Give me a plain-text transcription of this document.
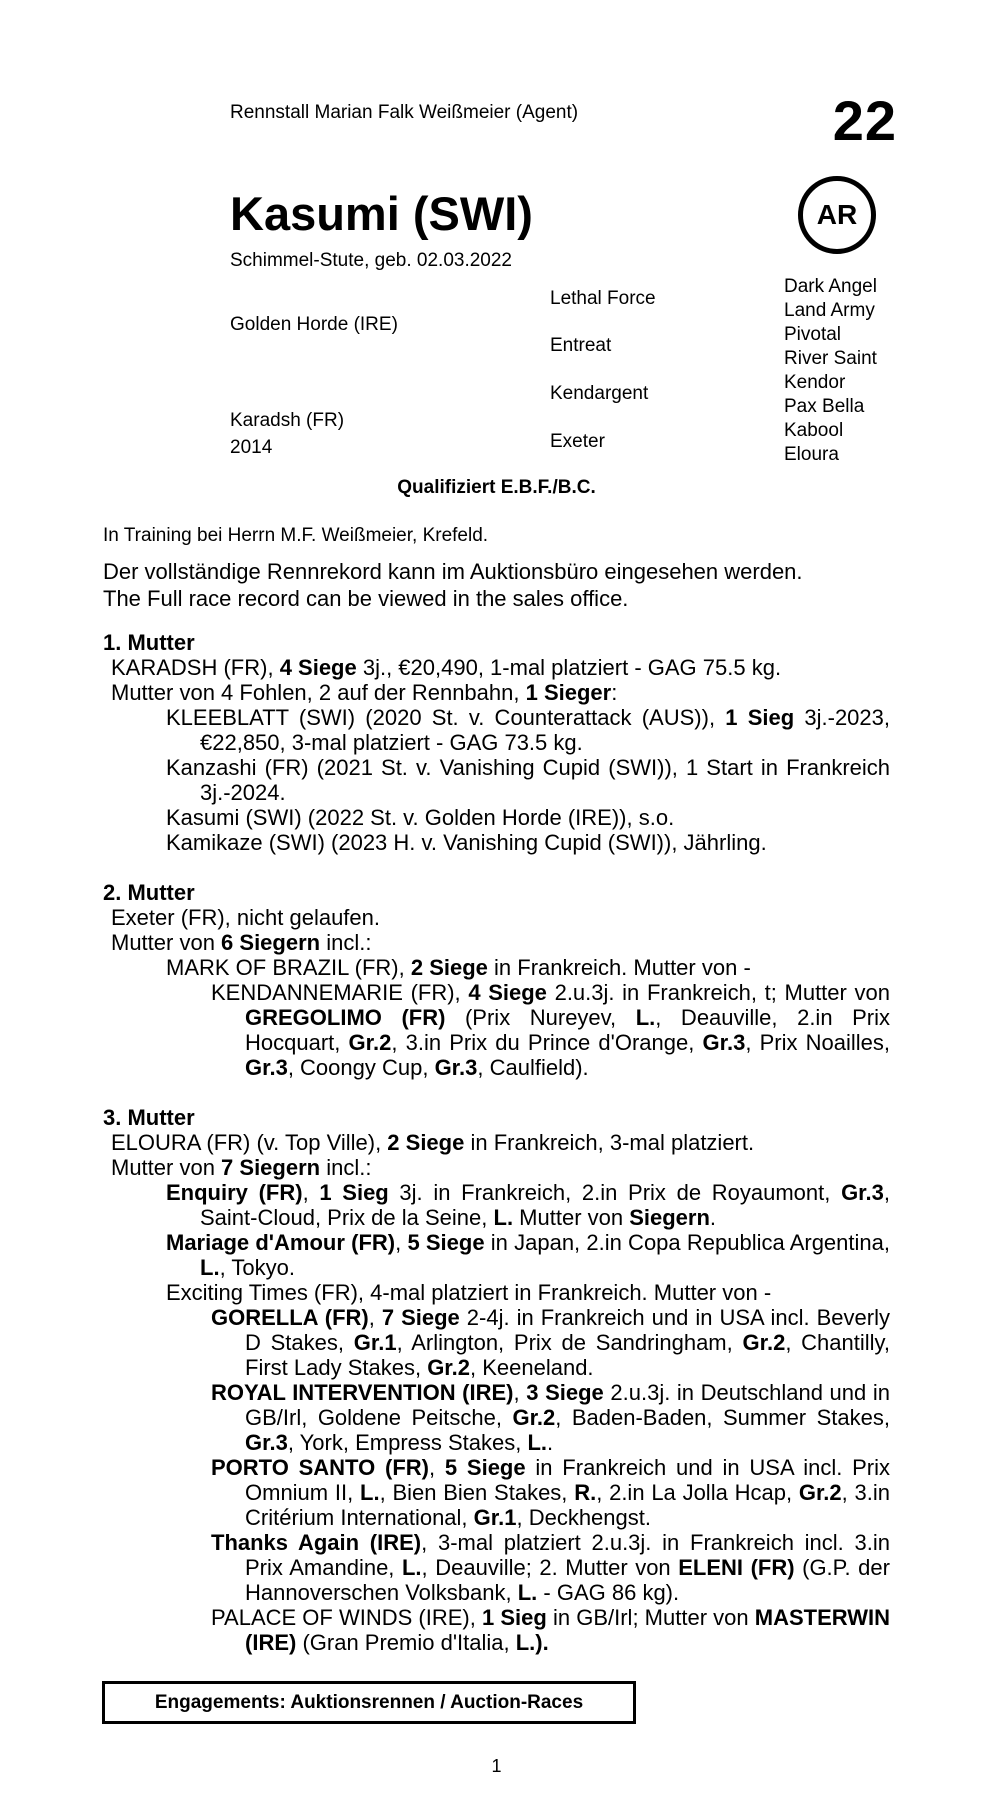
Rennstall Marian Falk Weißmeier (Agent)	22
Kasumi (SWI)	AR
Schimmel-Stute, geb. 02.03.2022
Golden Horde (IRE)
Karadsh (FR)
2014
Lethal Force
Entreat
Kendargent
Exeter
Dark Angel
Land Army
Pivotal
River Saint
Kendor
Pax Bella
Kabool
Eloura
Qualifiziert E.B.F./B.C.
In Training bei Herrn M.F. Weißmeier, Krefeld.
Der vollständige Rennrekord kann im Auktionsbüro eingesehen werden.
The Full race record can be viewed in the sales office.
1. Mutter
KARADSH (FR), 4 Siege 3j., €20,490, 1-mal platziert - GAG 75.5 kg.
Mutter von 4 Fohlen, 2 auf der Rennbahn, 1 Sieger:
KLEEBLATT (SWI) (2020 St. v. Counterattack (AUS)), 1 Sieg 3j.-2023, €22,850, 3-mal platziert - GAG 73.5 kg.
Kanzashi (FR) (2021 St. v. Vanishing Cupid (SWI)), 1 Start in Frankreich 3j.-2024.
Kasumi (SWI) (2022 St. v. Golden Horde (IRE)), s.o.
Kamikaze (SWI) (2023 H. v. Vanishing Cupid (SWI)), Jährling.
2. Mutter
Exeter (FR), nicht gelaufen.
Mutter von 6 Siegern incl.:
MARK OF BRAZIL (FR), 2 Siege in Frankreich. Mutter von -
KENDANNEMARIE (FR), 4 Siege 2.u.3j. in Frankreich, t; Mutter von GREGOLIMO (FR) (Prix Nureyev, L., Deauville, 2.in Prix Hocquart, Gr.2, 3.in Prix du Prince d'Orange, Gr.3, Prix Noailles, Gr.3, Coongy Cup, Gr.3, Caulfield).
3. Mutter
ELOURA (FR) (v. Top Ville), 2 Siege in Frankreich, 3-mal platziert.
Mutter von 7 Siegern incl.:
Enquiry (FR), 1 Sieg 3j. in Frankreich, 2.in Prix de Royaumont, Gr.3, Saint-Cloud, Prix de la Seine, L. Mutter von Siegern.
Mariage d'Amour (FR), 5 Siege in Japan, 2.in Copa Republica Argentina, L., Tokyo.
Exciting Times (FR), 4-mal platziert in Frankreich. Mutter von -
GORELLA (FR), 7 Siege 2-4j. in Frankreich und in USA incl. Beverly D Stakes, Gr.1, Arlington, Prix de Sandringham, Gr.2, Chantilly, First Lady Stakes, Gr.2, Keeneland.
ROYAL INTERVENTION (IRE), 3 Siege 2.u.3j. in Deutschland und in GB/Irl, Goldene Peitsche, Gr.2, Baden-Baden, Summer Stakes, Gr.3, York, Empress Stakes, L..
PORTO SANTO (FR), 5 Siege in Frankreich und in USA incl. Prix Omnium II, L., Bien Bien Stakes, R., 2.in La Jolla Hcap, Gr.2, 3.in Critérium International, Gr.1, Deckhengst.
Thanks Again (IRE), 3-mal platziert 2.u.3j. in Frankreich incl. 3.in Prix Amandine, L., Deauville; 2. Mutter von ELENI (FR) (G.P. der Hannoverschen Volksbank, L. - GAG 86 kg).
PALACE OF WINDS (IRE), 1 Sieg in GB/Irl; Mutter von MASTERWIN (IRE) (Gran Premio d'Italia, L.).
Engagements: Auktionsrennen / Auction-Races
1
